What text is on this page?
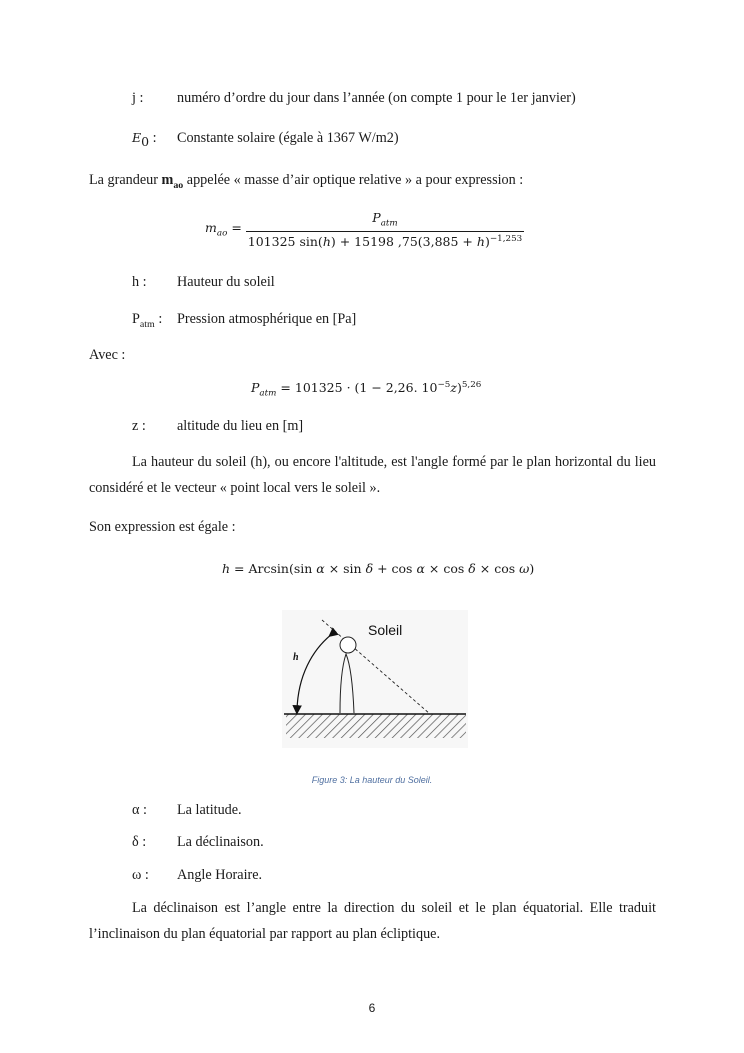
j : numéro d’ordre du jour dans l’année (on compte 1 pour le 1er janvier)
$E_0$ : Constante solaire (égale à 1367 W/m2)
La grandeur $m_{ao}$ appelée « masse d’air optique relative » a pour expression :
$m_{ao} = \frac{P_{atm}}{101325 \sin(h) + 15198 ,75(3,885 + h)^{-1,253}}$
h : Hauteur du soleil
$P_{atm}$ : Pression atmosphérique en [Pa]
Avec :
$P_{atm} = 101325 \cdot (1 - 2,26$. $10^{-5}z)^{5,26}$
z : altitude du lieu en [m]
La hauteur du soleil (h), ou encore l'altitude, est l'angle formé par le plan horizontal du lieu considéré et le vecteur « point local vers le soleil ».
Son expression est égale :
h = Arcsin(sin α × sin δ + cos α × cos δ × cos ω)
h
Soleil
Figure 3: La hauteur du Soleil.
α : La latitude.
δ : La déclinaison.
ω : Angle Horaire.
La déclinaison est l’angle entre la direction du soleil et le plan équatorial. Elle traduit l’inclinaison du plan équatorial par rapport au plan écliptique.
6
